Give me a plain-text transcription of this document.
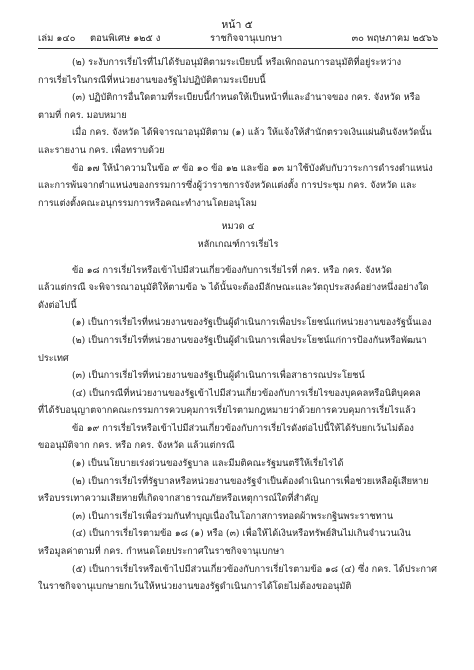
หน้า ๕
เล่ม ๑๔๐ ตอนพิเศษ ๑๒๕ ง	ราชกิจจานุเบกษา	๓๐ พฤษภาคม ๒๕๖๖

(๒) ระงับการเรี่ยไรที่ไม่ได้รับอนุมัติตามระเบียบนี้ หรือเพิกถอนการอนุมัติที่อยู่ระหว่าง

การเรี่ยไรในกรณีที่หน่วยงานของรัฐไม่ปฏิบัติตามระเบียบนี้

(๓) ปฏิบัติการอื่นใดตามที่ระเบียบนี้กำหนดให้เป็นหน้าที่และอำนาจของ กคร. จังหวัด หรือ

ตามที่ กคร. มอบหมาย

เมื่อ กคร. จังหวัด ได้พิจารณาอนุมัติตาม (๑) แล้ว ให้แจ้งให้สำนักตรวจเงินแผ่นดินจังหวัดนั้น

และรายงาน กคร. เพื่อทราบด้วย

ข้อ ๑๗ ให้นำความในข้อ ๙ ข้อ ๑๐ ข้อ ๑๒ และข้อ ๑๓ มาใช้บังคับกับวาระการดำรงตำแหน่ง

และการพ้นจากตำแหน่งของกรรมการซึ่งผู้ว่าราชการจังหวัดแต่งตั้ง การประชุม กคร. จังหวัด และ

การแต่งตั้งคณะอนุกรรมการหรือคณะทำงานโดยอนุโลม

หมวด ๔

หลักเกณฑ์การเรี่ยไร

ข้อ ๑๘ การเรี่ยไรหรือเข้าไปมีส่วนเกี่ยวข้องกับการเรี่ยไรที่ กคร. หรือ กคร. จังหวัด

แล้วแต่กรณี จะพิจารณาอนุมัติให้ตามข้อ ๖ ได้นั้นจะต้องมีลักษณะและวัตถุประสงค์อย่างหนึ่งอย่างใด

ดังต่อไปนี้

(๑) เป็นการเรี่ยไรที่หน่วยงานของรัฐเป็นผู้ดำเนินการเพื่อประโยชน์แก่หน่วยงานของรัฐนั้นเอง

(๒) เป็นการเรี่ยไรที่หน่วยงานของรัฐเป็นผู้ดำเนินการเพื่อประโยชน์แก่การป้องกันหรือพัฒนา

ประเทศ

(๓) เป็นการเรี่ยไรที่หน่วยงานของรัฐเป็นผู้ดำเนินการเพื่อสาธารณประโยชน์

(๔) เป็นกรณีที่หน่วยงานของรัฐเข้าไปมีส่วนเกี่ยวข้องกับการเรี่ยไรของบุคคลหรือนิติบุคคล

ที่ได้รับอนุญาตจากคณะกรรมการควบคุมการเรี่ยไรตามกฎหมายว่าด้วยการควบคุมการเรี่ยไรแล้ว

ข้อ ๑๙ การเรี่ยไรหรือเข้าไปมีส่วนเกี่ยวข้องกับการเรี่ยไรดังต่อไปนี้ให้ได้รับยกเว้นไม่ต้อง

ขออนุมัติจาก กคร. หรือ กคร. จังหวัด แล้วแต่กรณี

(๑) เป็นนโยบายเร่งด่วนของรัฐบาล และมีมติคณะรัฐมนตรีให้เรี่ยไรได้

(๒) เป็นการเรี่ยไรที่รัฐบาลหรือหน่วยงานของรัฐจำเป็นต้องดำเนินการเพื่อช่วยเหลือผู้เสียหาย

หรือบรรเทาความเสียหายที่เกิดจากสาธารณภัยหรือเหตุการณ์ใดที่สำคัญ

(๓) เป็นการเรี่ยไรเพื่อร่วมกันทำบุญเนื่องในโอกาสการทอดผ้าพระกฐินพระราชทาน

(๔) เป็นการเรี่ยไรตามข้อ ๑๘ (๑) หรือ (๓) เพื่อให้ได้เงินหรือทรัพย์สินไม่เกินจำนวนเงิน

หรือมูลค่าตามที่ กคร. กำหนดโดยประกาศในราชกิจจานุเบกษา

(๕) เป็นการเรี่ยไรหรือเข้าไปมีส่วนเกี่ยวข้องกับการเรี่ยไรตามข้อ ๑๘ (๔) ซึ่ง กคร. ได้ประกาศ

ในราชกิจจานุเบกษายกเว้นให้หน่วยงานของรัฐดำเนินการได้โดยไม่ต้องขออนุมัติ
